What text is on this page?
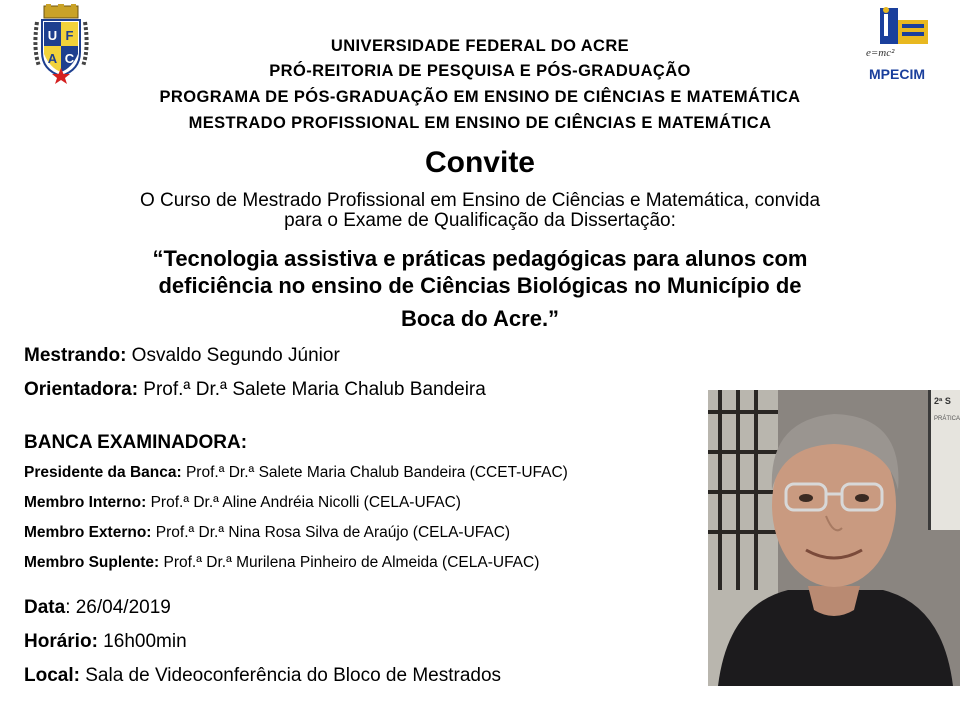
U F
A C	e=mc²
MPECIM
UNIVERSIDADE FEDERAL DO ACRE
PRÓ-REITORIA DE PESQUISA E PÓS-GRADUAÇÃO
PROGRAMA DE PÓS-GRADUAÇÃO EM ENSINO DE CIÊNCIAS E MATEMÁTICA
MESTRADO PROFISSIONAL EM ENSINO DE CIÊNCIAS E MATEMÁTICA
Convite
O Curso de Mestrado Profissional em Ensino de Ciências e Matemática, convida
para o Exame de Qualificação da Dissertação:
“Tecnologia assistiva e práticas pedagógicas para alunos com
deficiência no ensino de Ciências Biológicas no Município de
Boca do Acre.”
Mestrando: Osvaldo Segundo Júnior
Orientadora: Prof.ª Dr.ª Salete Maria Chalub Bandeira
BANCA EXAMINADORA:
Presidente da Banca: Prof.ª Dr.ª Salete Maria Chalub Bandeira (CCET-UFAC)
Membro Interno: Prof.ª Dr.ª Aline Andréia Nicolli (CELA-UFAC)
Membro Externo: Prof.ª Dr.ª Nina Rosa Silva de Araújo (CELA-UFAC)
Membro Suplente: Prof.ª Dr.ª Murilena Pinheiro de Almeida (CELA-UFAC)
Data: 26/04/2019
Horário: 16h00min
Local: Sala de Videoconferência do Bloco de Mestrados
2ª S
PRÁTICA
